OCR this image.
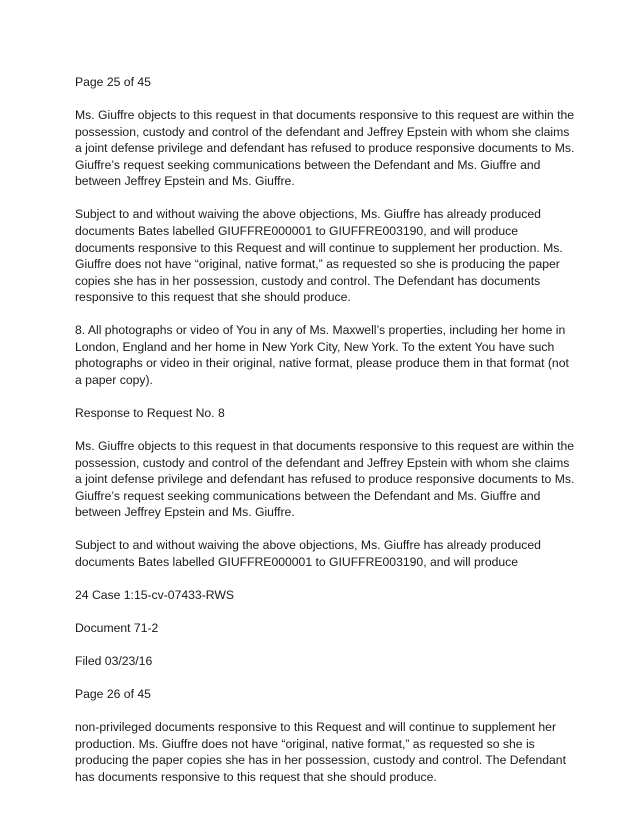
Page 25 of 45

Ms. Giuffre objects to this request in that documents responsive to this request are within the possession, custody and control of the defendant and Jeffrey Epstein with whom she claims a joint defense privilege and defendant has refused to produce responsive documents to Ms. Giuffre’s request seeking communications between the Defendant and Ms. Giuffre and between Jeffrey Epstein and Ms. Giuffre.

Subject to and without waiving the above objections, Ms. Giuffre has already produced documents Bates labelled GIUFFRE000001 to GIUFFRE003190, and will produce documents responsive to this Request and will continue to supplement her production. Ms. Giuffre does not have “original, native format,” as requested so she is producing the paper copies she has in her possession, custody and control. The Defendant has documents responsive to this request that she should produce.

8. All photographs or video of You in any of Ms. Maxwell’s properties, including her home in London, England and her home in New York City, New York. To the extent You have such photographs or video in their original, native format, please produce them in that format (not a paper copy).

Response to Request No. 8

Ms. Giuffre objects to this request in that documents responsive to this request are within the possession, custody and control of the defendant and Jeffrey Epstein with whom she claims a joint defense privilege and defendant has refused to produce responsive documents to Ms. Giuffre’s request seeking communications between the Defendant and Ms. Giuffre and between Jeffrey Epstein and Ms. Giuffre.

Subject to and without waiving the above objections, Ms. Giuffre has already produced documents Bates labelled GIUFFRE000001 to GIUFFRE003190, and will produce

24 Case 1:15-cv-07433-RWS

Document 71-2

Filed 03/23/16

Page 26 of 45

non-privileged documents responsive to this Request and will continue to supplement her production. Ms. Giuffre does not have “original, native format,” as requested so she is producing the paper copies she has in her possession, custody and control. The Defendant has documents responsive to this request that she should produce.
